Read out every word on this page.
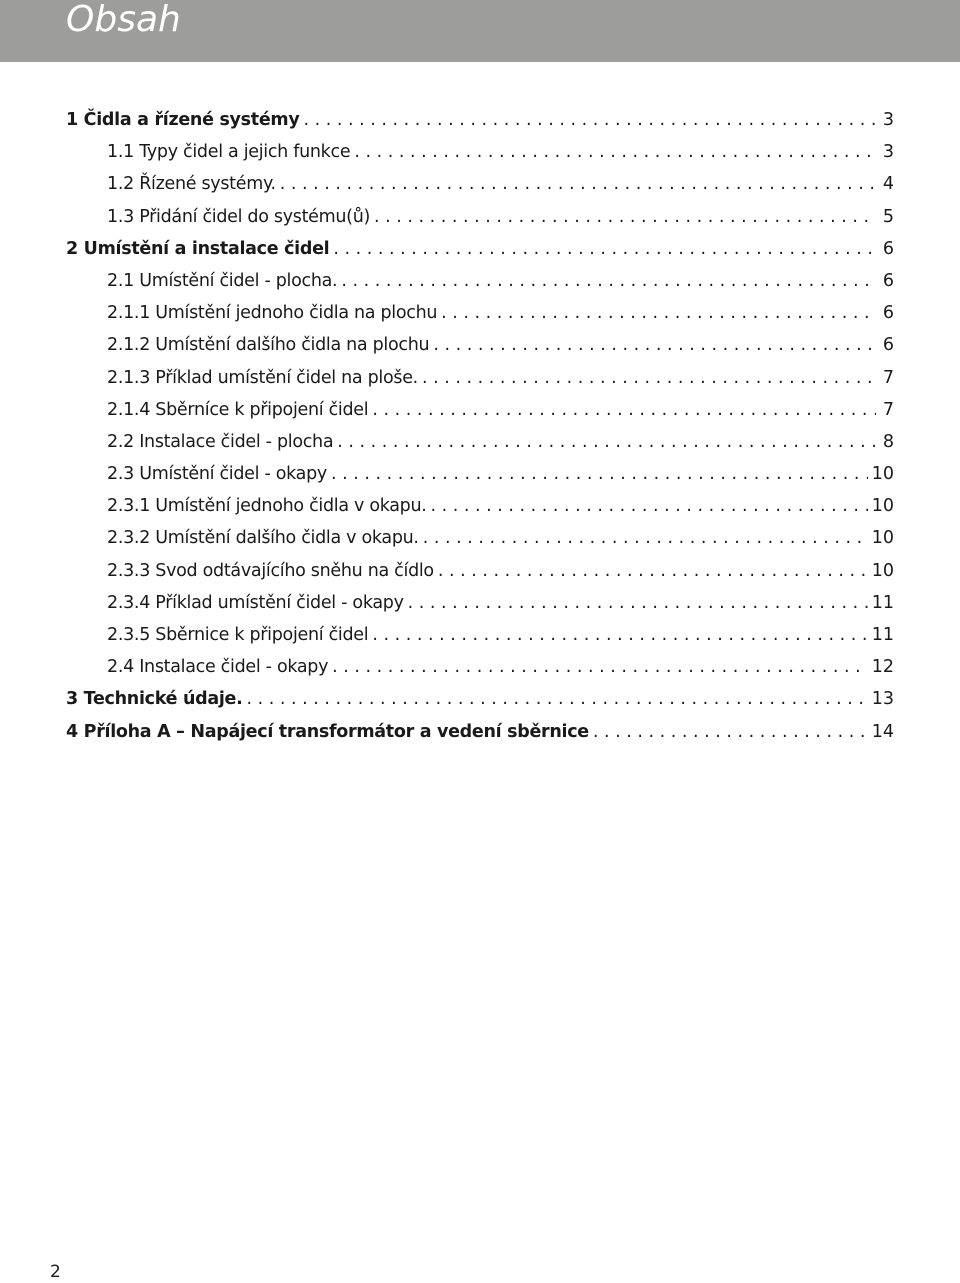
Obsah
1 Čidla a řízené systémy . . .	3
1.1 Typy čidel a jejich funkce . . .	3
1.2 Řízené systémy. . . .	4
1.3 Přidání čidel do systému(ů) . . .	5
2 Umístění a instalace čidel . . .	6
2.1 Umístění čidel - plocha. . . .	6
2.1.1 Umístění jednoho čidla na plochu . . .	6
2.1.2 Umístění dalšího čidla na plochu . . .	6
2.1.3 Příklad umístění čidel na ploše. . . .	7
2.1.4 Sběrníce k připojení čidel . . .	7
2.2 Instalace čidel - plocha . . .	8
2.3 Umístění čidel - okapy . . .	10
2.3.1 Umístění jednoho čidla v okapu. . . .	10
2.3.2 Umístění dalšího čidla v okapu. . . .	10
2.3.3 Svod odtávajícího sněhu na čídlo . . .	10
2.3.4 Příklad umístění čidel - okapy . . .	11
2.3.5 Sběrnice k připojení čidel . . .	11
2.4 Instalace čidel - okapy . . .	12
3 Technické údaje. . . .	13
4 Příloha A – Napájecí transformátor a vedení sběrnice . . .	14
2
